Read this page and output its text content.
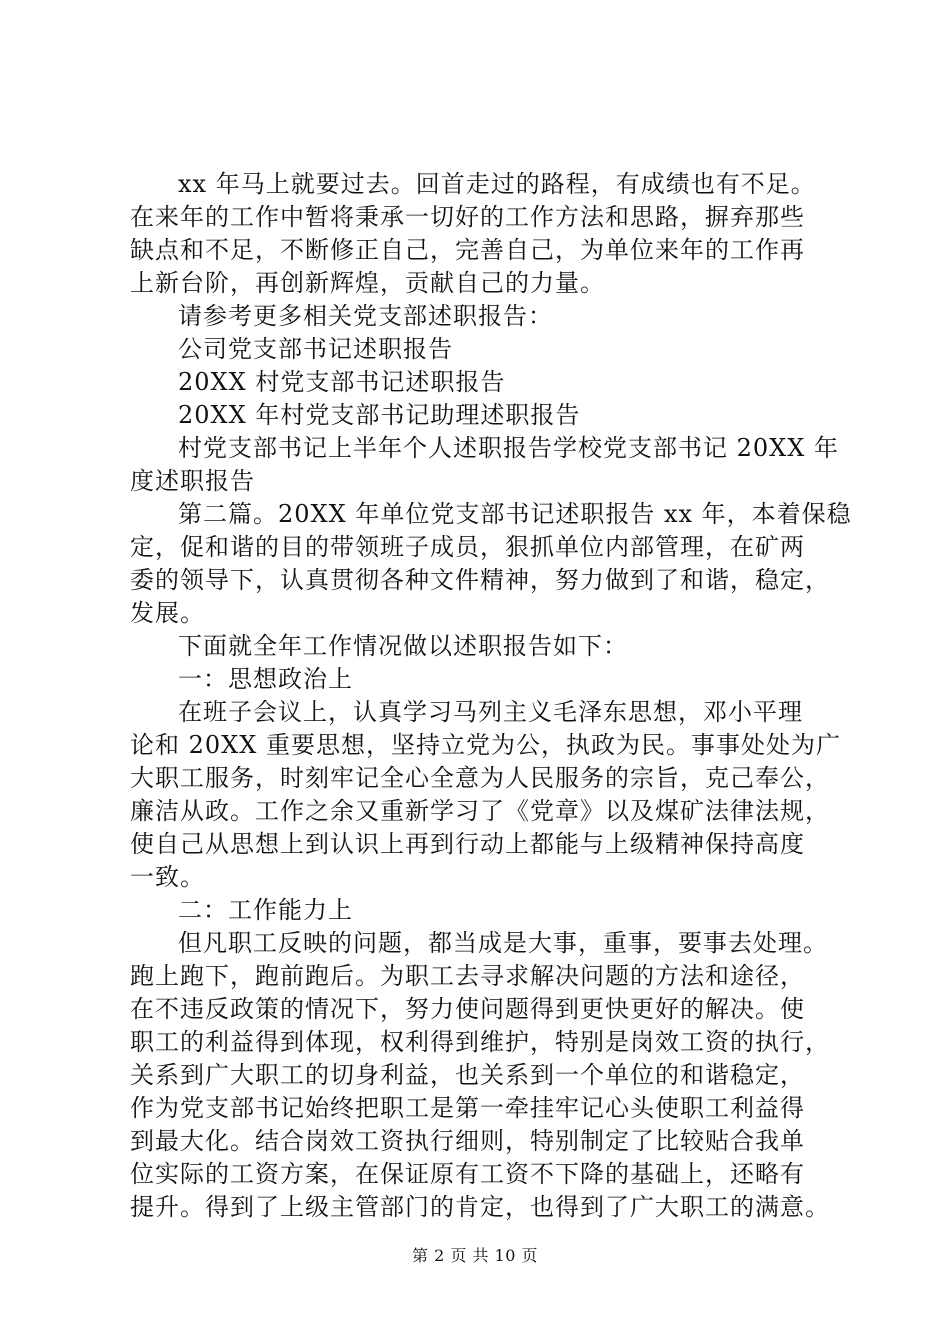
xx 年马上就要过去。回首走过的路程，有成绩也有不足。
在来年的工作中暂将秉承一切好的工作方法和思路，摒弃那些
缺点和不足，不断修正自己，完善自己，为单位来年的工作再
上新台阶，再创新辉煌，贡献自己的力量。
请参考更多相关党支部述职报告：
公司党支部书记述职报告
20XX 村党支部书记述职报告
20XX 年村党支部书记助理述职报告
村党支部书记上半年个人述职报告学校党支部书记 20XX 年
度述职报告
第二篇。20XX 年单位党支部书记述职报告 xx 年，本着保稳
定，促和谐的目的带领班子成员，狠抓单位内部管理，在矿两
委的领导下，认真贯彻各种文件精神，努力做到了和谐，稳定，
发展。
下面就全年工作情况做以述职报告如下：
一：思想政治上
在班子会议上，认真学习马列主义毛泽东思想，邓小平理
论和 20XX 重要思想，坚持立党为公，执政为民。事事处处为广
大职工服务，时刻牢记全心全意为人民服务的宗旨，克己奉公，
廉洁从政。工作之余又重新学习了《党章》以及煤矿法律法规，
使自己从思想上到认识上再到行动上都能与上级精神保持高度
一致。
二：工作能力上
但凡职工反映的问题，都当成是大事，重事，要事去处理。
跑上跑下，跑前跑后。为职工去寻求解决问题的方法和途径，
在不违反政策的情况下，努力使问题得到更快更好的解决。使
职工的利益得到体现，权利得到维护，特别是岗效工资的执行，
关系到广大职工的切身利益，也关系到一个单位的和谐稳定，
作为党支部书记始终把职工是第一牵挂牢记心头使职工利益得
到最大化。结合岗效工资执行细则，特别制定了比较贴合我单
位实际的工资方案，在保证原有工资不下降的基础上，还略有
提升。得到了上级主管部门的肯定，也得到了广大职工的满意。
第 2 页 共 10 页
